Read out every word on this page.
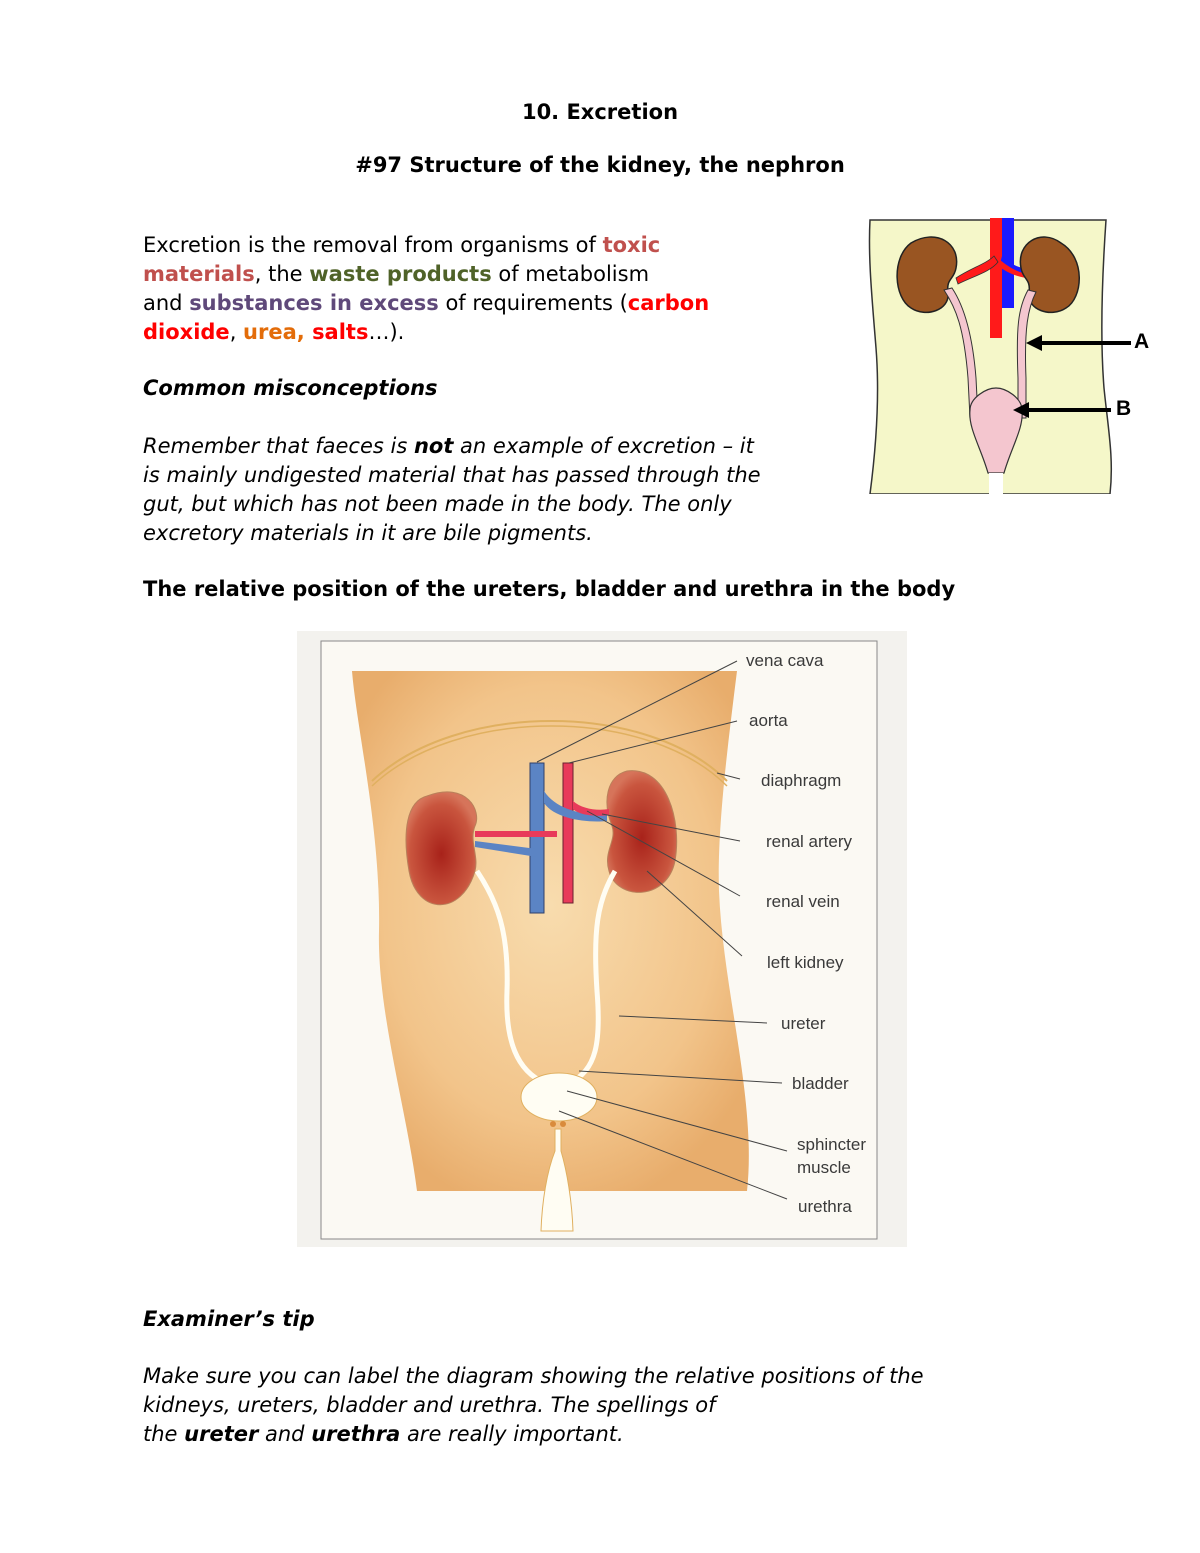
10. Excretion
#97 Structure of the kidney, the nephron
Excretion is the removal from organisms of toxic
materials, the waste products of metabolism
and substances in excess of requirements (carbon
dioxide, urea, salts…).
Common misconceptions
Remember that faeces is not an example of excretion – it
is mainly undigested material that has passed through the
gut, but which has not been made in the body. The only
excretory materials in it are bile pigments.
A
B
The relative position of the ureters, bladder and urethra in the body
vena cava
aorta
diaphragm
renal artery
renal vein
left kidney
ureter
bladder
sphincter
muscle
urethra
Examiner’s tip
Make sure you can label the diagram showing the relative positions of the
kidneys, ureters, bladder and urethra. The spellings of
the ureter and urethra are really important.
